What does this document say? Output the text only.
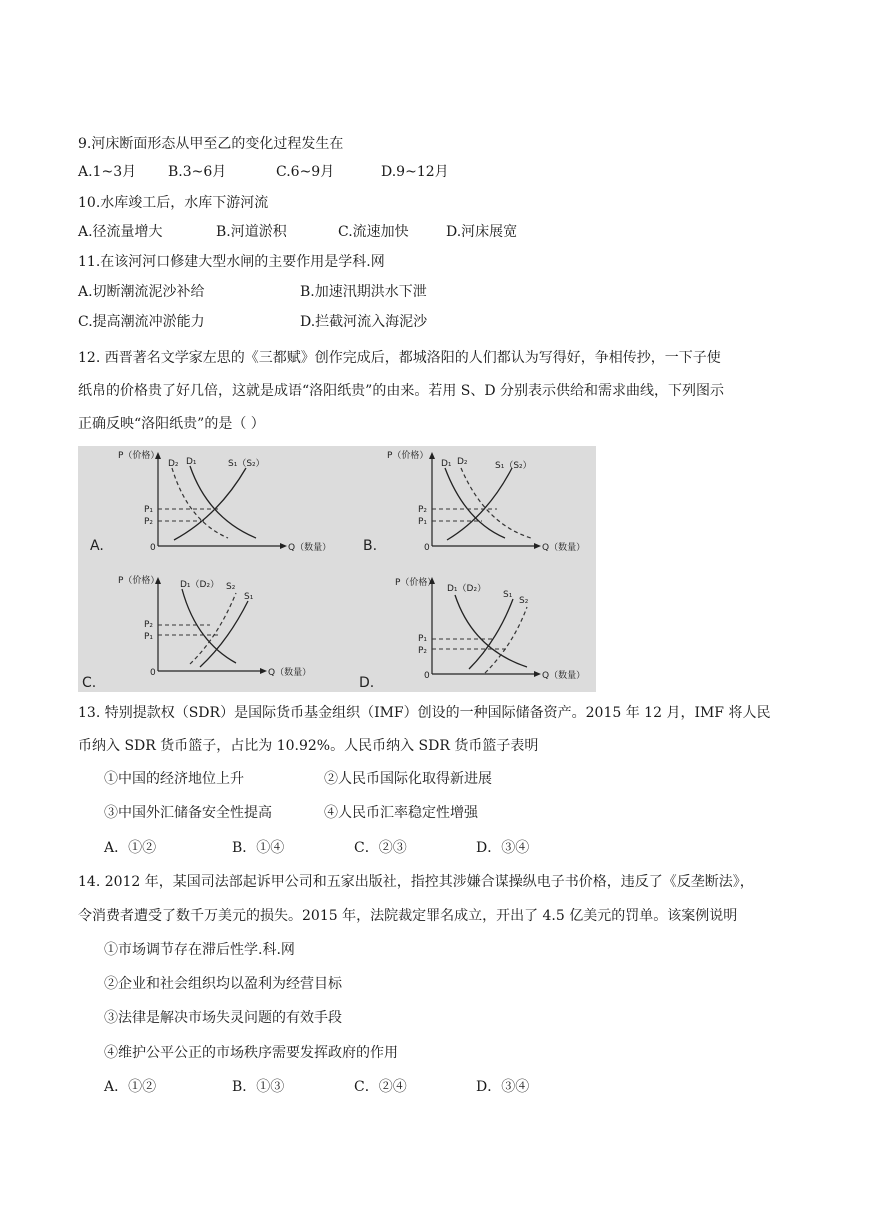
9.河床断面形态从甲至乙的变化过程发生在
A.1~3月 B.3~6月	C.6~9月	D.9~12月
10.水库竣工后，水库下游河流
A.径流量增大	B.河道淤积	C.流速加快	D.河床展宽
11.在该河河口修建大型水闸的主要作用是学科.网
A.切断潮流泥沙补给	B.加速汛期洪水下泄
C.提高潮流冲淤能力	D.拦截河流入海泥沙
12. 西晋著名文学家左思的《三都赋》创作完成后，都城洛阳的人们都认为写得好，争相传抄，一下子使
纸帛的价格贵了好几倍，这就是成语“洛阳纸贵”的由来。若用 S、D 分别表示供给和需求曲线，下列图示
正确反映“洛阳纸贵”的是（ ）
P（价格）
Q（数量）
0
A.
P₁
P₂
D₂ D₁	S₁（S₂）
P（价格）
Q（数量）
0
B.
P₂
P₁
D₁ D₂	S₁（S₂）
P（价格）
Q（数量）
0
C.
P₂
P₁
D₁（D₂） S₂
S₁
P（价格）
Q（数量）
0
D.
P₁
P₂
D₁（D₂）
S₁
S₂
13. 特别提款权（SDR）是国际货币基金组织（IMF）创设的一种国际储备资产。2015 年 12 月，IMF 将人民
币纳入 SDR 货币篮子，占比为 10.92%。人民币纳入 SDR 货币篮子表明
①中国的经济地位上升	②人民币国际化取得新进展
③中国外汇储备安全性提高	④人民币汇率稳定性增强
A．①②	B．①④	C．②③	D．③④
14. 2012 年，某国司法部起诉甲公司和五家出版社，指控其涉嫌合谋操纵电子书价格，违反了《反垄断法》，
令消费者遭受了数千万美元的损失。2015 年，法院裁定罪名成立，开出了 4.5 亿美元的罚单。该案例说明
①市场调节存在滞后性学.科.网
②企业和社会组织均以盈利为经营目标
③法律是解决市场失灵问题的有效手段
④维护公平公正的市场秩序需要发挥政府的作用
A．①②	B．①③	C．②④	D．③④
